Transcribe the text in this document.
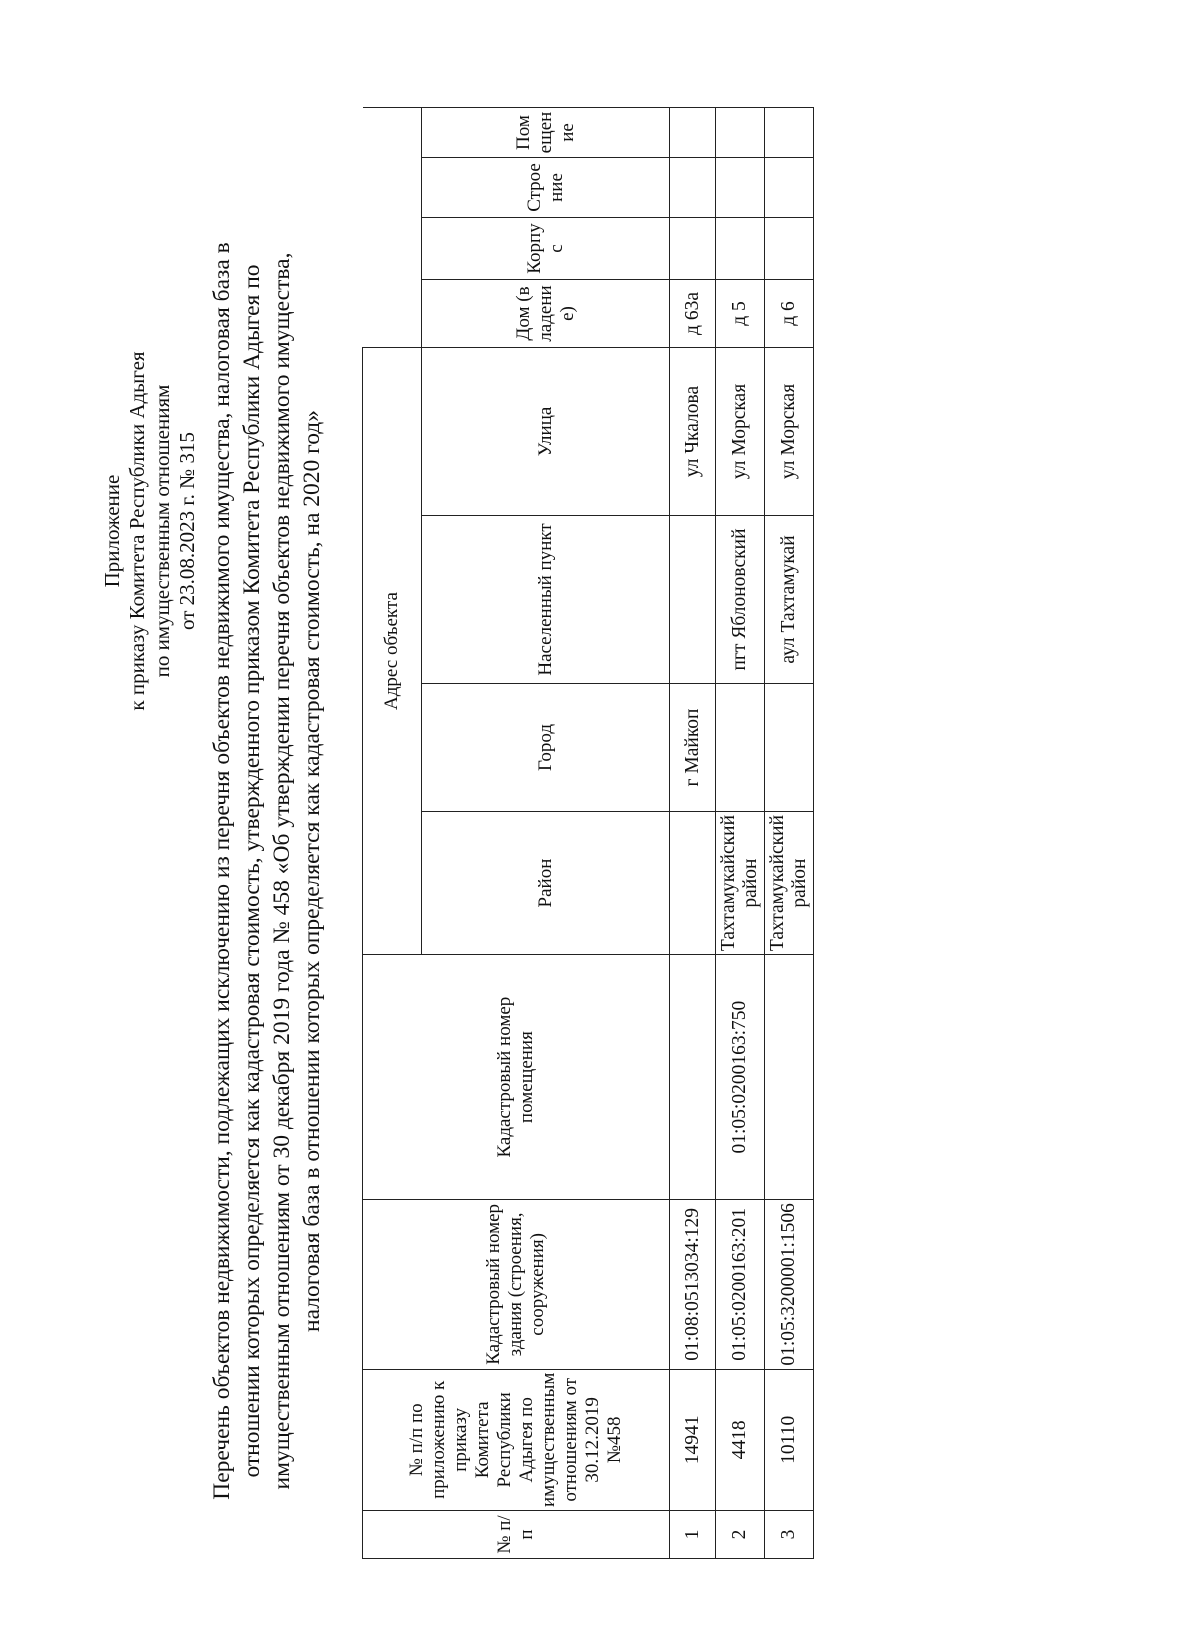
Приложение к приказу Комитета Республики Адыгея по имущественным отношениям от 23.08.2023 г. № 315 Перечень объектов недвижимости, подлежащих исключению из перечня объектов недвижимого имущества, налоговая база в отношении которых определяется как кадастровая стоимость, утвержденного приказом Комитета Республики Адыгея по имущественным отношениям от 30 декабря 2019 года № 458 «Об утверждении перечня объектов недвижимого имущества, налоговая база в отношении которых определяется как кадастровая стоимость, на 2020 год»
№ п/п	№ п/п по приложению к приказу Комитета Республики Адыгея по имущественным отношениям от 30.12.2019 №458	Кадастровый номер здания (строения, сооружения)	Кадастровый номер помещения	Адрес объекта							
				Район	Город	Населенный пункт	Улица	Дом (владение)	Корпус	Строение	Помещение
1	14941	01:08:0513034:129			г Майкоп		ул Чкалова	д 63а			
2	4418	01:05:0200163:201	01:05:0200163:750	Тахтамукайский район		пгт Яблоновский	ул Морская	д 5			
3	10110	01:05:3200001:1506		Тахтамукайский район		аул Тахтамукай	ул Морская	д 6			
